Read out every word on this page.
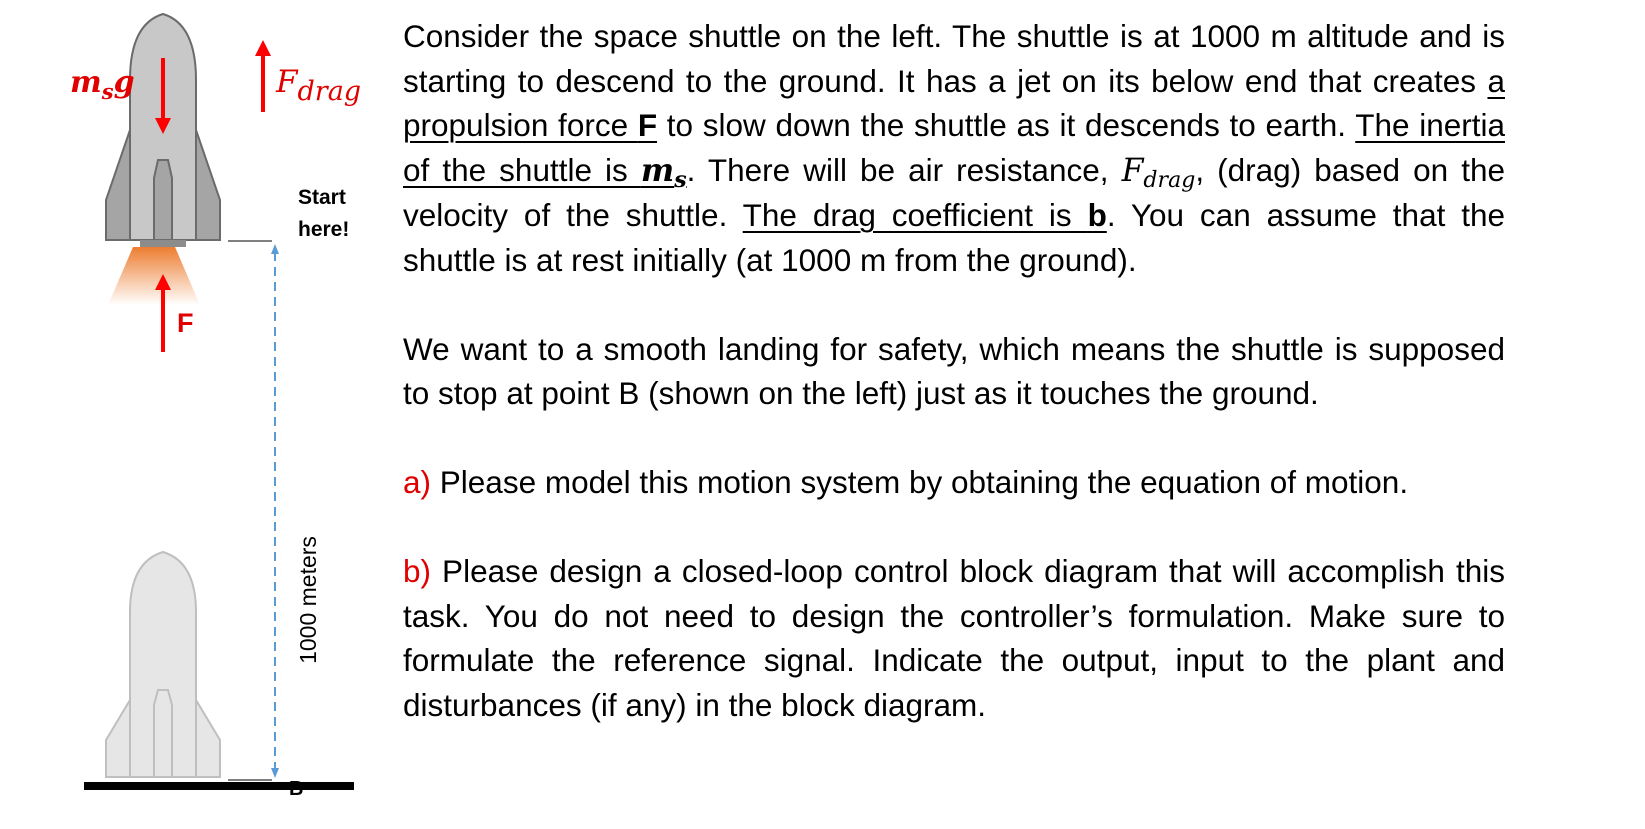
$m_sg$	Fdrag
F
Start
here!
1000 meters
B

Consider the space shuttle on the left. The shuttle is at 1000 m altitude and is starting to descend to the ground. It has a jet on its below end that creates a propulsion force F to slow down the shuttle as it descends to earth. The inertia of the shuttle is $m_s$. There will be air resistance, $F_{drag}$, (drag) based on the velocity of the shuttle. The drag coefficient is b. You can assume that the shuttle is at rest initially (at 1000 m from the ground).

We want to a smooth landing for safety, which means the shuttle is supposed to stop at point B (shown on the left) just as it touches the ground.

a) Please model this motion system by obtaining the equation of motion.

b) Please design a closed-loop control block diagram that will accomplish this task. You do not need to design the controller’s formulation. Make sure to formulate the reference signal. Indicate the output, input to the plant and disturbances (if any) in the block diagram.
